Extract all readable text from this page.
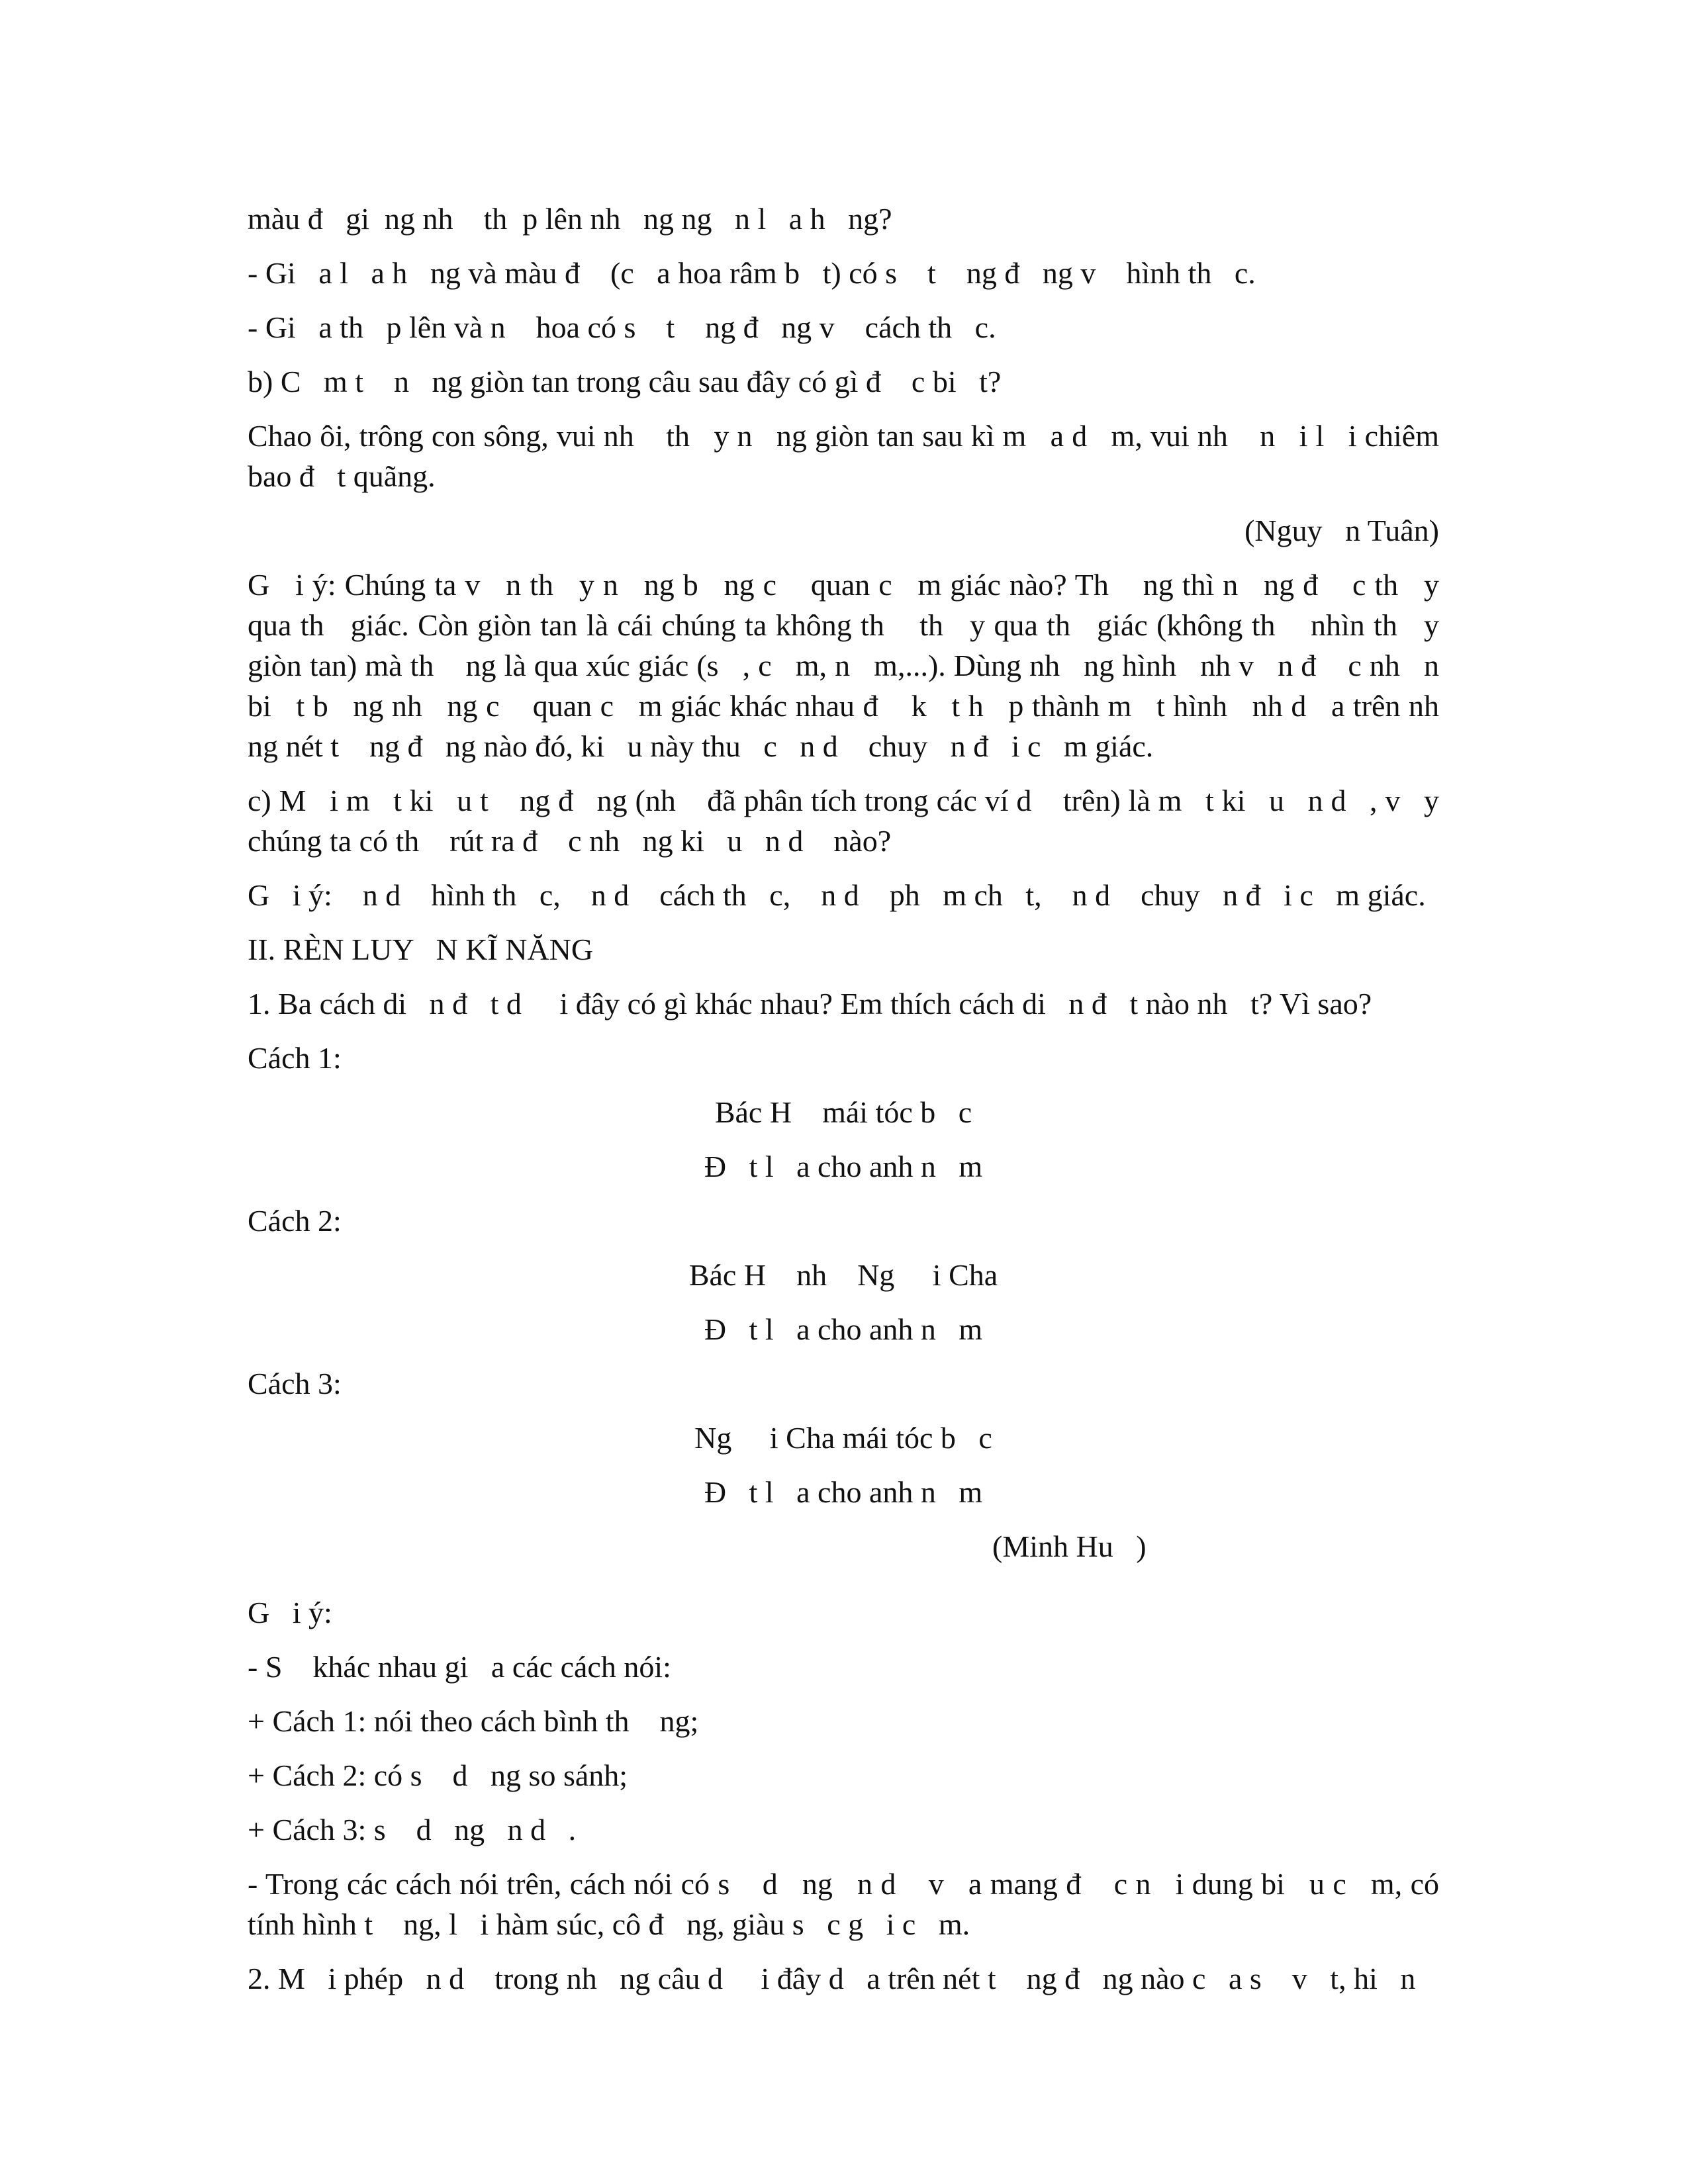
màu đ   gi  ng nh    th  p lên nh   ng ng   n l   a h   ng?

- Gi   a l   a h   ng và màu đ    (c   a hoa râm b   t) có s    t    ng đ   ng v    hình th   c.

- Gi   a th   p lên và n    hoa có s    t    ng đ   ng v    cách th   c.

b) C   m t    n   ng giòn tan trong câu sau đây có gì đ    c bi   t?

Chao ôi, trông con sông, vui nh    th   y n   ng giòn tan sau kì m   a d   m, vui nh    n   i l   i chiêm bao đ   t quãng.

(Nguy   n Tuân)

G   i ý: Chúng ta v   n th   y n   ng b   ng c    quan c   m giác nào? Th    ng thì n   ng đ    c th   y qua th   giác. Còn giòn tan là cái chúng ta không th    th   y qua th   giác (không th    nhìn th   y giòn tan) mà th    ng là qua xúc giác (s   , c   m, n   m,...). Dùng nh   ng hình   nh v   n đ    c nh   n bi   t b   ng nh   ng c    quan c   m giác khác nhau đ    k   t h   p thành m   t hình   nh d   a trên nh   ng nét t    ng đ   ng nào đó, ki   u này thu   c   n d    chuy   n đ   i c   m giác.

c) M   i m   t ki   u t    ng đ   ng (nh    đã phân tích trong các ví d    trên) là m   t ki   u   n d   , v   y chúng ta có th    rút ra đ    c nh   ng ki   u   n d    nào?

G   i ý:    n d    hình th   c,    n d    cách th   c,    n d    ph   m ch   t,    n d    chuy   n đ   i c   m giác.

II. RÈN LUY   N KĨ NĂNG

1. Ba cách di   n đ   t d     i đây có gì khác nhau? Em thích cách di   n đ   t nào nh   t? Vì sao?

Cách 1:

Bác H    mái tóc b   c

Đ   t l   a cho anh n   m

Cách 2:

Bác H    nh    Ng     i Cha

Đ   t l   a cho anh n   m

Cách 3:

Ng     i Cha mái tóc b   c

Đ   t l   a cho anh n   m

(Minh Hu   )

G   i ý:

- S    khác nhau gi   a các cách nói:

+ Cách 1: nói theo cách bình th    ng;

+ Cách 2: có s    d   ng so sánh;

+ Cách 3: s    d   ng   n d   .

- Trong các cách nói trên, cách nói có s    d   ng   n d    v   a mang đ    c n   i dung bi   u c   m, có tính hình t    ng, l   i hàm súc, cô đ   ng, giàu s   c g   i c   m.

2. M   i phép   n d    trong nh   ng câu d     i đây d   a trên nét t    ng đ   ng nào c   a s    v   t, hi   n
